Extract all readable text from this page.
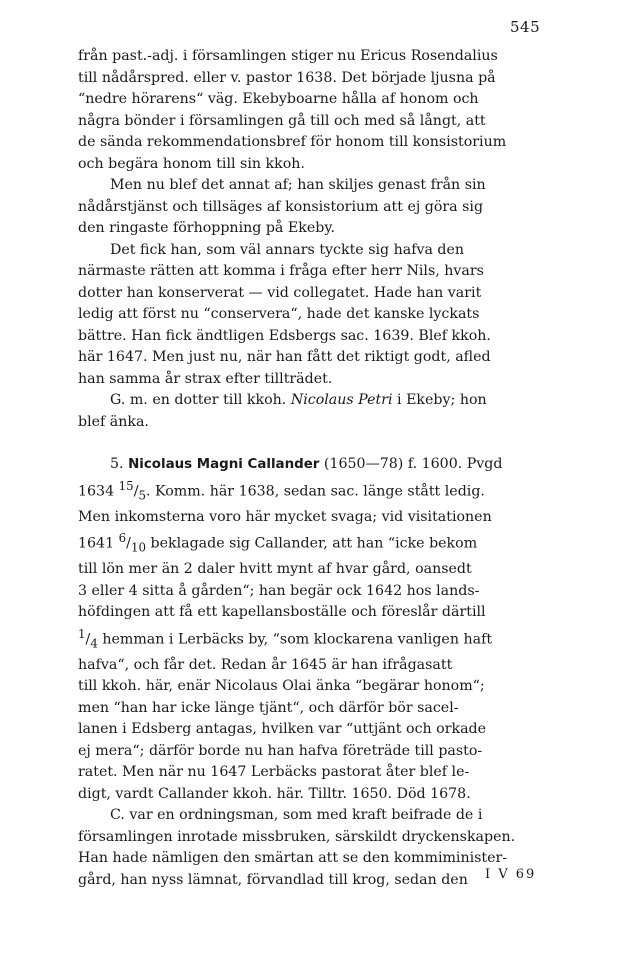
545

från past.-adj. i församlingen stiger nu Ericus Rosendalius
till nådårspred. eller v. pastor 1638. Det började ljusna på
“nedre hörarens“ väg. Ekebyboarne hålla af honom och
några bönder i församlingen gå till och med så långt, att
de sända rekommendationsbref för honom till konsistorium
och begära honom till sin kkoh.

Men nu blef det annat af; han skiljes genast från sin
nådårstjänst och tillsäges af konsistorium att ej göra sig
den ringaste förhoppning på Ekeby.

Det fick han, som väl annars tyckte sig hafva den
närmaste rätten att komma i fråga efter herr Nils, hvars
dotter han konserverat — vid collegatet. Hade han varit
ledig att först nu “conservera“, hade det kanske lyckats
bättre. Han fick ändtligen Edsbergs sac. 1639. Blef kkoh.
här 1647. Men just nu, när han fått det riktigt godt, afled
han samma år strax efter tillträdet.

G. m. en dotter till kkoh. Nicolaus Petri i Ekeby; hon
blef änka.

5. Nicolaus Magni Callander (1650—78) f. 1600. Pvgd
1634 $^{15}/_5$. Komm. här 1638, sedan sac. länge stått ledig.
Men inkomsterna voro här mycket svaga; vid visitationen
1641 $^6/_{10}$ beklagade sig Callander, att han “icke bekom
till lön mer än 2 daler hvitt mynt af hvar gård, oansedt
3 eller 4 sitta å gården“; han begär ock 1642 hos lands-
höfdingen att få ett kapellansboställe och föreslår därtill
$^1/_4$ hemman i Lerbäcks by, “som klockarena vanligen haft
hafva“, och får det. Redan år 1645 är han ifrågasatt
till kkoh. här, enär Nicolaus Olai änka “begärar honom“;
men “han har icke länge tjänt“, och därför bör sacel-
lanen i Edsberg antagas, hvilken var “uttjänt och orkade
ej mera“; därför borde nu han hafva företräde till pasto-
ratet. Men när nu 1647 Lerbäcks pastorat åter blef le-
digt, vardt Callander kkoh. här. Tilltr. 1650. Död 1678.

C. var en ordningsman, som med kraft beifrade de i
församlingen inrotade missbruken, särskildt dryckenskapen.
Han hade nämligen den smärtan att se den kommiminister-
gård, han nyss lämnat, förvandlad till krog, sedan den	I V 69
